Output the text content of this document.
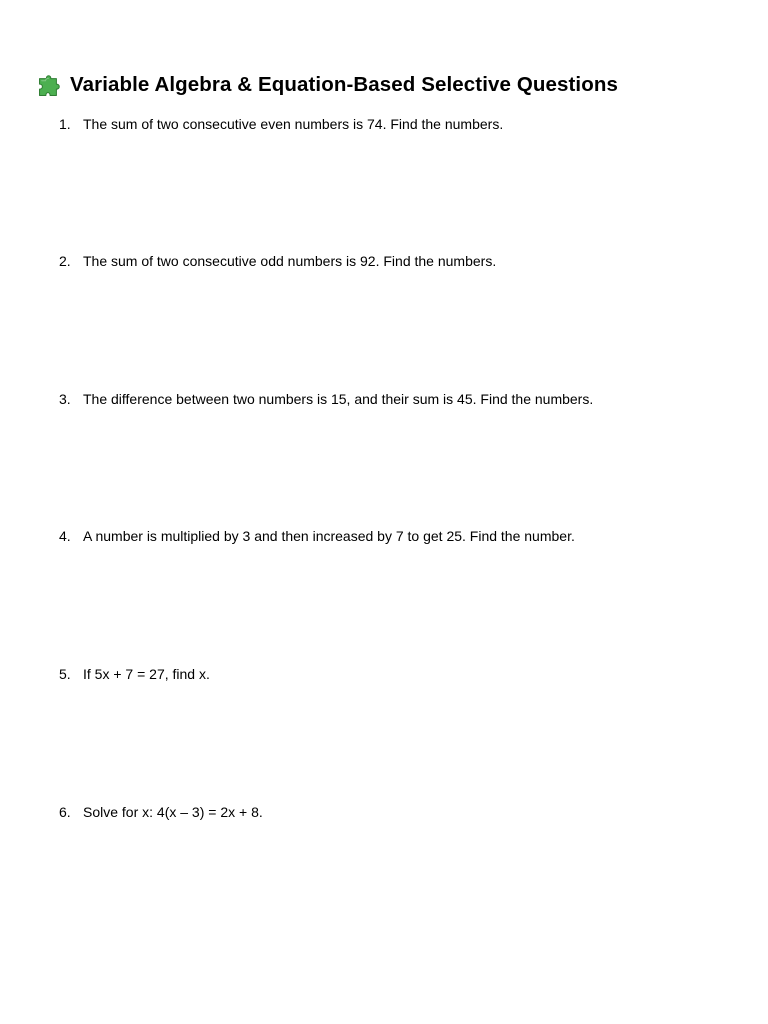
Variable Algebra & Equation-Based Selective Questions
1. The sum of two consecutive even numbers is 74. Find the numbers.
2. The sum of two consecutive odd numbers is 92. Find the numbers.
3. The difference between two numbers is 15, and their sum is 45. Find the numbers.
4. A number is multiplied by 3 and then increased by 7 to get 25. Find the number.
5. If 5x + 7 = 27, find x.
6. Solve for x: 4(x – 3) = 2x + 8.
